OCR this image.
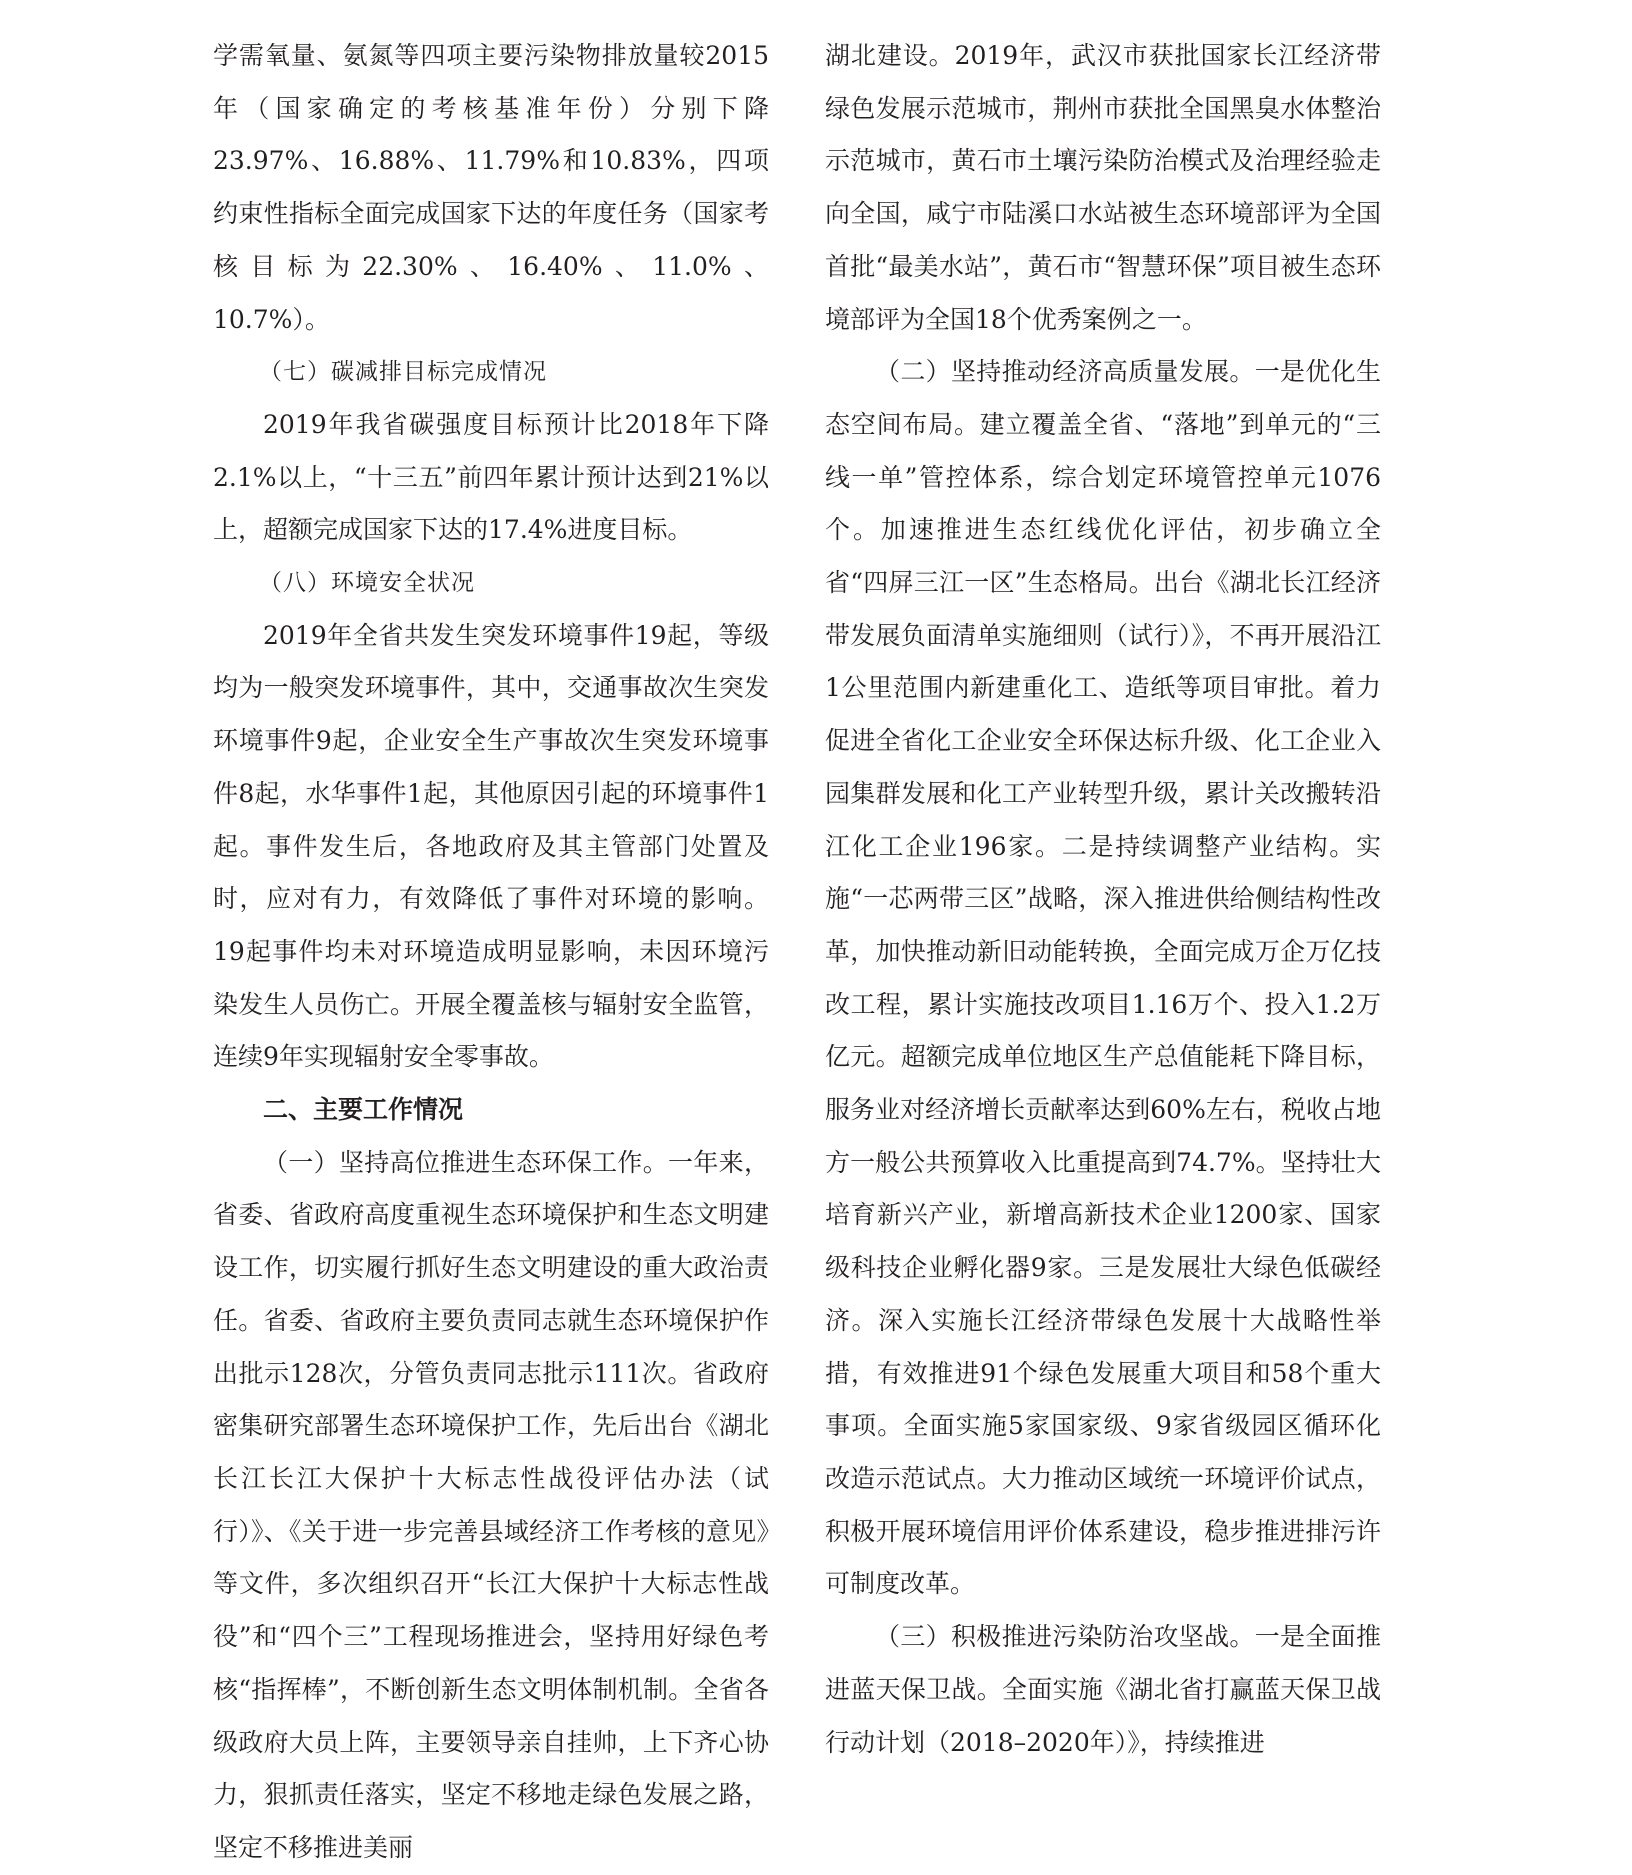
学需氧量、氨氮等四项主要污染物排放量较2015年（国家确定的考核基准年份）分别下降23.97%、16.88%、11.79%和10.83%，四项约束性指标全面完成国家下达的年度任务（国家考核目标为22.30%、16.40%、11.0%、10.7%）。

（七）碳减排目标完成情况

2019年我省碳强度目标预计比2018年下降2.1%以上，“十三五”前四年累计预计达到21%以上，超额完成国家下达的17.4%进度目标。

（八）环境安全状况

2019年全省共发生突发环境事件19起，等级均为一般突发环境事件，其中，交通事故次生突发环境事件9起，企业安全生产事故次生突发环境事件8起，水华事件1起，其他原因引起的环境事件1起。事件发生后，各地政府及其主管部门处置及时，应对有力，有效降低了事件对环境的影响。19起事件均未对环境造成明显影响，未因环境污染发生人员伤亡。开展全覆盖核与辐射安全监管，连续9年实现辐射安全零事故。

二、主要工作情况

（一）坚持高位推进生态环保工作。一年来，省委、省政府高度重视生态环境保护和生态文明建设工作，切实履行抓好生态文明建设的重大政治责任。省委、省政府主要负责同志就生态环境保护作出批示128次，分管负责同志批示111次。省政府密集研究部署生态环境保护工作，先后出台《湖北长江长江大保护十大标志性战役评估办法（试行）》、《关于进一步完善县域经济工作考核的意见》等文件，多次组织召开“长江大保护十大标志性战役”和“四个三”工程现场推进会，坚持用好绿色考核“指挥棒”，不断创新生态文明体制机制。全省各级政府大员上阵，主要领导亲自挂帅，上下齐心协力，狠抓责任落实，坚定不移地走绿色发展之路，坚定不移推进美丽

湖北建设。2019年，武汉市获批国家长江经济带绿色发展示范城市，荆州市获批全国黑臭水体整治示范城市，黄石市土壤污染防治模式及治理经验走向全国，咸宁市陆溪口水站被生态环境部评为全国首批“最美水站”，黄石市“智慧环保”项目被生态环境部评为全国18个优秀案例之一。

（二）坚持推动经济高质量发展。一是优化生态空间布局。建立覆盖全省、“落地”到单元的“三线一单”管控体系，综合划定环境管控单元1076个。加速推进生态红线优化评估，初步确立全省“四屏三江一区”生态格局。出台《湖北长江经济带发展负面清单实施细则（试行）》，不再开展沿江1公里范围内新建重化工、造纸等项目审批。着力促进全省化工企业安全环保达标升级、化工企业入园集群发展和化工产业转型升级，累计关改搬转沿江化工企业196家。二是持续调整产业结构。实施“一芯两带三区”战略，深入推进供给侧结构性改革，加快推动新旧动能转换，全面完成万企万亿技改工程，累计实施技改项目1.16万个、投入1.2万亿元。超额完成单位地区生产总值能耗下降目标，服务业对经济增长贡献率达到60%左右，税收占地方一般公共预算收入比重提高到74.7%。坚持壮大培育新兴产业，新增高新技术企业1200家、国家级科技企业孵化器9家。三是发展壮大绿色低碳经济。深入实施长江经济带绿色发展十大战略性举措，有效推进91个绿色发展重大项目和58个重大事项。全面实施5家国家级、9家省级园区循环化改造示范试点。大力推动区域统一环境评价试点，积极开展环境信用评价体系建设，稳步推进排污许可制度改革。

（三）积极推进污染防治攻坚战。一是全面推进蓝天保卫战。全面实施《湖北省打赢蓝天保卫战行动计划（2018–2020年）》，持续推进
